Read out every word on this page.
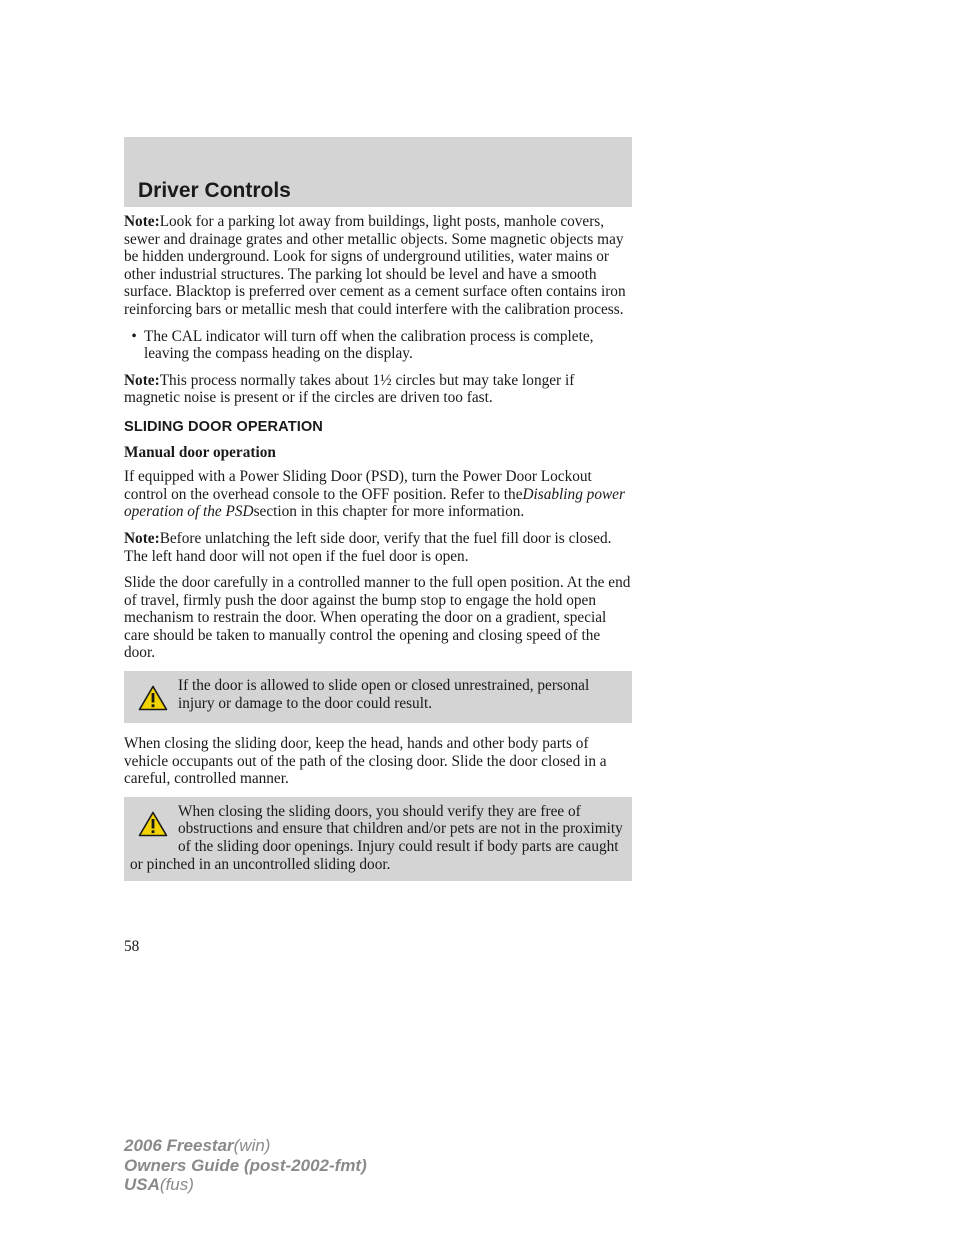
Driver Controls

Note:Look for a parking lot away from buildings, light posts, manhole covers, sewer and drainage grates and other metallic objects. Some magnetic objects may be hidden underground. Look for signs of underground utilities, water mains or other industrial structures. The parking lot should be level and have a smooth surface. Blacktop is preferred over cement as a cement surface often contains iron reinforcing bars or metallic mesh that could interfere with the calibration process.

• The CAL indicator will turn off when the calibration process is complete, leaving the compass heading on the display.

Note:This process normally takes about 1½ circles but may take longer if magnetic noise is present or if the circles are driven too fast.

SLIDING DOOR OPERATION
Manual door operation

If equipped with a Power Sliding Door (PSD), turn the Power Door Lockout control on the overhead console to the OFF position. Refer to theDisabling power operation of the PSDsection in this chapter for more information.

Note:Before unlatching the left side door, verify that the fuel fill door is closed. The left hand door will not open if the fuel door is open.

Slide the door carefully in a controlled manner to the full open position. At the end of travel, firmly push the door against the bump stop to engage the hold open mechanism to restrain the door. When operating the door on a gradient, special care should be taken to manually control the opening and closing speed of the door.

If the door is allowed to slide open or closed unrestrained, personal injury or damage to the door could result.

When closing the sliding door, keep the head, hands and other body parts of vehicle occupants out of the path of the closing door. Slide the door closed in a careful, controlled manner.

When closing the sliding doors, you should verify they are free of obstructions and ensure that children and/or pets are not in the proximity of the sliding door openings. Injury could result if body parts are caught or pinched in an uncontrolled sliding door.
58
2006 Freestar(win)
Owners Guide (post-2002-fmt)
USA(fus)
